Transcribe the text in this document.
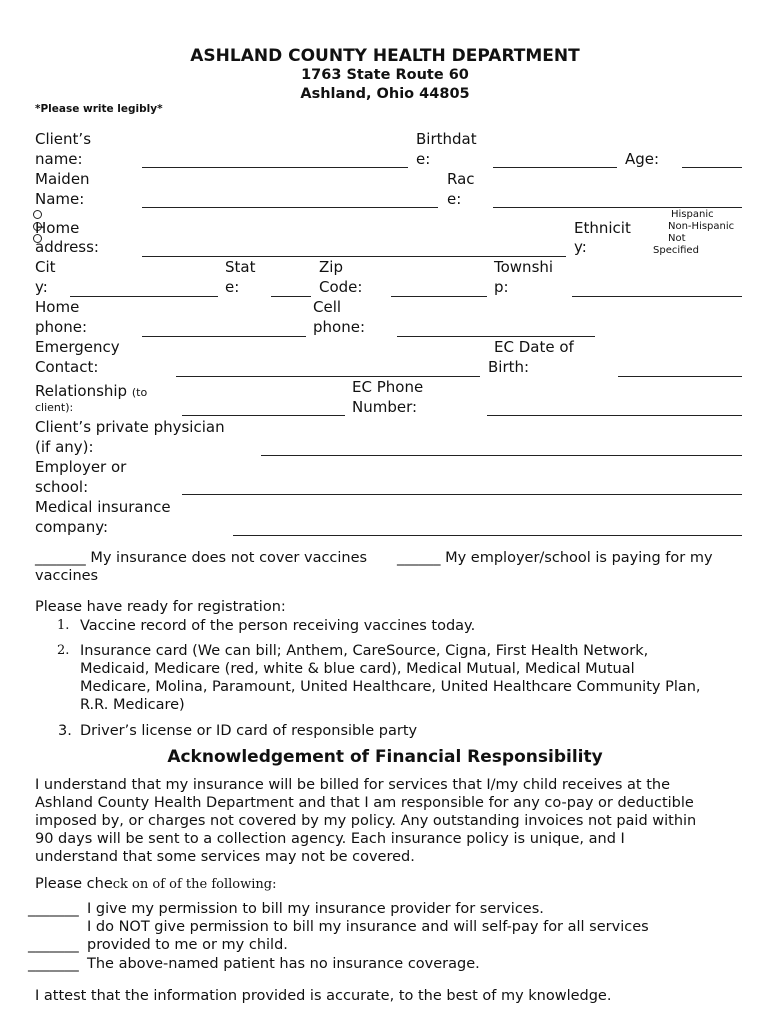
ASHLAND COUNTY HEALTH DEPARTMENT
1763 State Route 60
Ashland, Ohio 44805
*Please write legibly*
Client’s
name:
Birthdat
e:	Age:
Maiden
Name:
Rac
e:
Home
address:
Ethnicit
y:
Hispanic
Non-Hispanic
Not
Specified
Cit
y:
Stat
e:
Zip
Code:
Townshi
p:
Home
phone:
Cell
phone:
Emergency
Contact:
EC Date of
Birth:
Relationship (to
client):
EC Phone
Number:
Client’s private physician
(if any):
Employer or
school:
Medical insurance
company:
_______ My insurance does not cover vaccines ______ My employer/school is paying for my
vaccines
Please have ready for registration:
1. Vaccine record of the person receiving vaccines today.
2. Insurance card (We can bill; Anthem, CareSource, Cigna, First Health Network,
Medicaid, Medicare (red, white & blue card), Medical Mutual, Medical Mutual
Medicare, Molina, Paramount, United Healthcare, United Healthcare Community Plan,
R.R. Medicare)
3. Driver’s license or ID card of responsible party
Acknowledgement of Financial Responsibility
I understand that my insurance will be billed for services that I/my child receives at the
Ashland County Health Department and that I am responsible for any co-pay or deductible
imposed by, or charges not covered by my policy. Any outstanding invoices not paid within
90 days will be sent to a collection agency. Each insurance policy is unique, and I
understand that some services may not be covered.
Please check on of of the following:
_______ I give my permission to bill my insurance provider for services.
I do NOT give permission to bill my insurance and will self-pay for all services
_______ provided to me or my child.
_______ The above-named patient has no insurance coverage.
I attest that the information provided is accurate, to the best of my knowledge.
